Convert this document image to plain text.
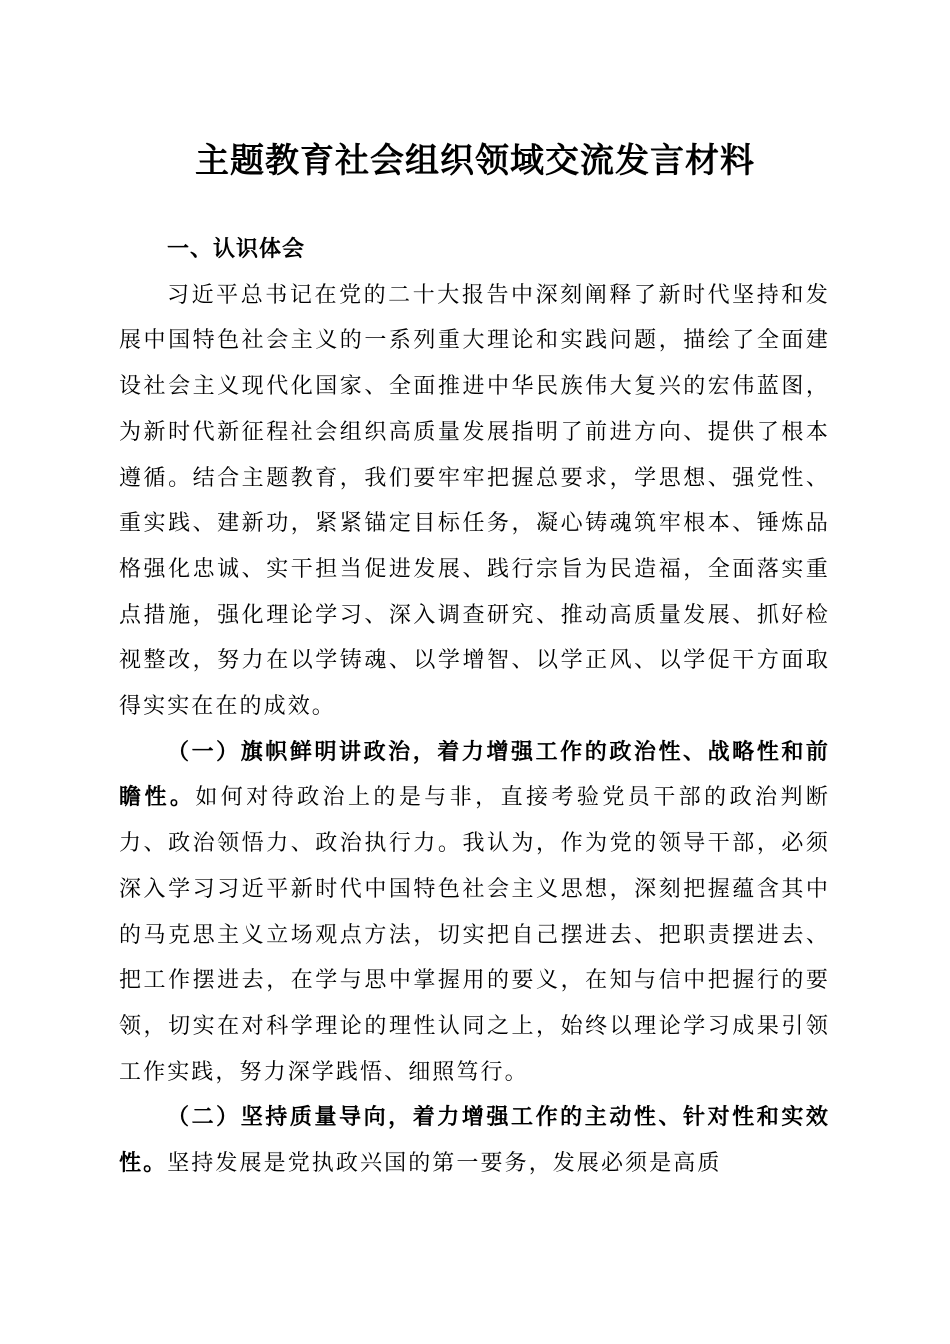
主题教育社会组织领域交流发言材料

一、认识体会

习近平总书记在党的二十大报告中深刻阐释了新时代坚持和发展中国特色社会主义的一系列重大理论和实践问题，描绘了全面建设社会主义现代化国家、全面推进中华民族伟大复兴的宏伟蓝图，为新时代新征程社会组织高质量发展指明了前进方向、提供了根本遵循。结合主题教育，我们要牢牢把握总要求，学思想、强党性、重实践、建新功，紧紧锚定目标任务，凝心铸魂筑牢根本、锤炼品格强化忠诚、实干担当促进发展、践行宗旨为民造福，全面落实重点措施，强化理论学习、深入调查研究、推动高质量发展、抓好检视整改，努力在以学铸魂、以学增智、以学正风、以学促干方面取得实实在在的成效。

（一）旗帜鲜明讲政治，着力增强工作的政治性、战略性和前瞻性。如何对待政治上的是与非，直接考验党员干部的政治判断力、政治领悟力、政治执行力。我认为，作为党的领导干部，必须深入学习习近平新时代中国特色社会主义思想，深刻把握蕴含其中的马克思主义立场观点方法，切实把自己摆进去、把职责摆进去、把工作摆进去，在学与思中掌握用的要义，在知与信中把握行的要领，切实在对科学理论的理性认同之上，始终以理论学习成果引领工作实践，努力深学践悟、细照笃行。

（二）坚持质量导向，着力增强工作的主动性、针对性和实效性。坚持发展是党执政兴国的第一要务，发展必须是高质
